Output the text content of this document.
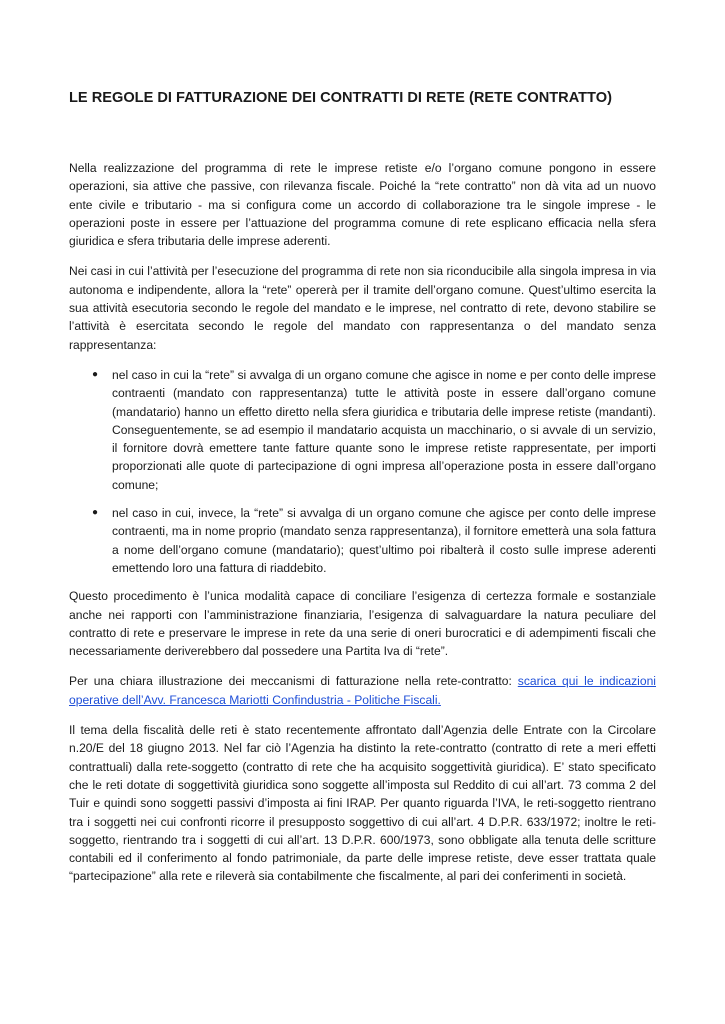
LE REGOLE DI FATTURAZIONE DEI CONTRATTI DI RETE (RETE CONTRATTO)

Nella realizzazione del programma di rete le imprese retiste e/o l’organo comune pongono in essere operazioni, sia attive che passive, con rilevanza fiscale. Poiché la “rete contratto” non dà vita ad un nuovo ente civile e tributario - ma si configura come un accordo di collaborazione tra le singole imprese - le operazioni poste in essere per l’attuazione del programma comune di rete esplicano efficacia nella sfera giuridica e sfera tributaria delle imprese aderenti.

Nei casi in cui l’attività per l’esecuzione del programma di rete non sia riconducibile alla singola impresa in via autonoma e indipendente, allora la “rete” opererà per il tramite dell’organo comune. Quest’ultimo esercita la sua attività esecutoria secondo le regole del mandato e le imprese, nel contratto di rete, devono stabilire se l’attività è esercitata secondo le regole del mandato con rappresentanza o del mandato senza rappresentanza:

● nel caso in cui la “rete” si avvalga di un organo comune che agisce in nome e per conto delle imprese contraenti (mandato con rappresentanza) tutte le attività poste in essere dall’organo comune (mandatario) hanno un effetto diretto nella sfera giuridica e tributaria delle imprese retiste (mandanti). Conseguentemente, se ad esempio il mandatario acquista un macchinario, o si avvale di un servizio, il fornitore dovrà emettere tante fatture quante sono le imprese retiste rappresentate, per importi proporzionati alle quote di partecipazione di ogni impresa all’operazione posta in essere dall’organo comune;
● nel caso in cui, invece, la “rete” si avvalga di un organo comune che agisce per conto delle imprese contraenti, ma in nome proprio (mandato senza rappresentanza), il fornitore emetterà una sola fattura a nome dell’organo comune (mandatario); quest’ultimo poi ribalterà il costo sulle imprese aderenti emettendo loro una fattura di riaddebito.

Questo procedimento è l’unica modalità capace di conciliare l’esigenza di certezza formale e sostanziale anche nei rapporti con l’amministrazione finanziaria, l’esigenza di salvaguardare la natura peculiare del contratto di rete e preservare le imprese in rete da una serie di oneri burocratici e di adempimenti fiscali che necessariamente deriverebbero dal possedere una Partita Iva di “rete”.

Per una chiara illustrazione dei meccanismi di fatturazione nella rete-contratto: scarica qui le indicazioni operative dell’Avv. Francesca Mariotti Confindustria - Politiche Fiscali.

Il tema della fiscalità delle reti è stato recentemente affrontato dall’Agenzia delle Entrate con la Circolare n.20/E del 18 giugno 2013. Nel far ciò l’Agenzia ha distinto la rete-contratto (contratto di rete a meri effetti contrattuali) dalla rete-soggetto (contratto di rete che ha acquisito soggettività giuridica). E’ stato specificato che le reti dotate di soggettività giuridica sono soggette all’imposta sul Reddito di cui all’art. 73 comma 2 del Tuir e quindi sono soggetti passivi d’imposta ai fini IRAP. Per quanto riguarda l’IVA, le reti-soggetto rientrano tra i soggetti nei cui confronti ricorre il presupposto soggettivo di cui all’art. 4 D.P.R. 633/1972; inoltre le reti-soggetto, rientrando tra i soggetti di cui all’art. 13 D.P.R. 600/1973, sono obbligate alla tenuta delle scritture contabili ed il conferimento al fondo patrimoniale, da parte delle imprese retiste, deve esser trattata quale “partecipazione” alla rete e rileverà sia contabilmente che fiscalmente, al pari dei conferimenti in società.
